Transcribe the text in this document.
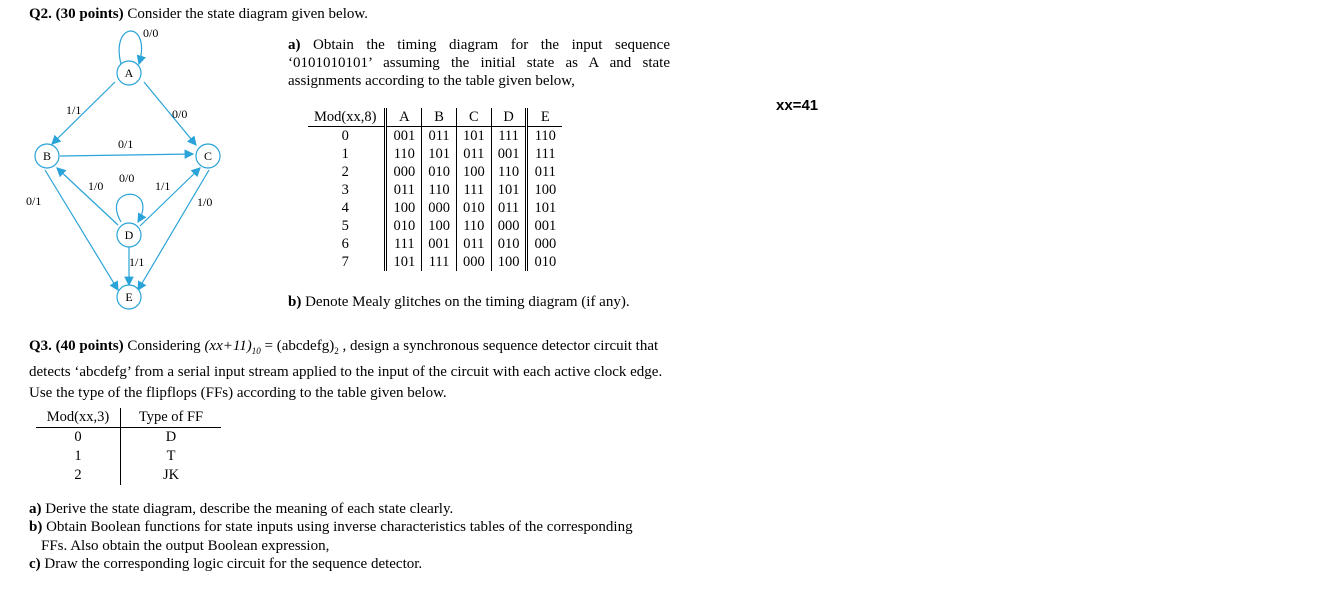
Q2. (30 points) Consider the state diagram given below.
A
B	C
D
E
0/0
1/1	0/0
0/1
0/1
1/0
0/0
1/1
1/0
1/1
a) Obtain the timing diagram for the input sequence ‘0101010101’ assuming the initial state as A and state assignments according to the table given below,
Mod(xx,8)	A	B	C	D	E
0	001	011	101	111	110
1	110	101	011	001	111
2	000	010	100	110	011
3	011	110	111	101	100
4	100	000	010	011	101
5	010	100	110	000	001
6	111	001	011	010	000
7	101	111	000	100	010
xx=41
b) Denote Mealy glitches on the timing diagram (if any).
Q3. (40 points) Considering $(xx+11)_{10}$ = $(abcdefg)_2$ , design a synchronous sequence detector circuit that detects ‘abcdefg’ from a serial input stream applied to the input of the circuit with each active clock edge. Use the type of the flipflops (FFs) according to the table given below.
Mod(xx,3)	Type of FF
0	D
1	T
2	JK
a) Derive the state diagram, describe the meaning of each state clearly.
b) Obtain Boolean functions for state inputs using inverse characteristics tables of the corresponding
FFs. Also obtain the output Boolean expression,
c) Draw the corresponding logic circuit for the sequence detector.
